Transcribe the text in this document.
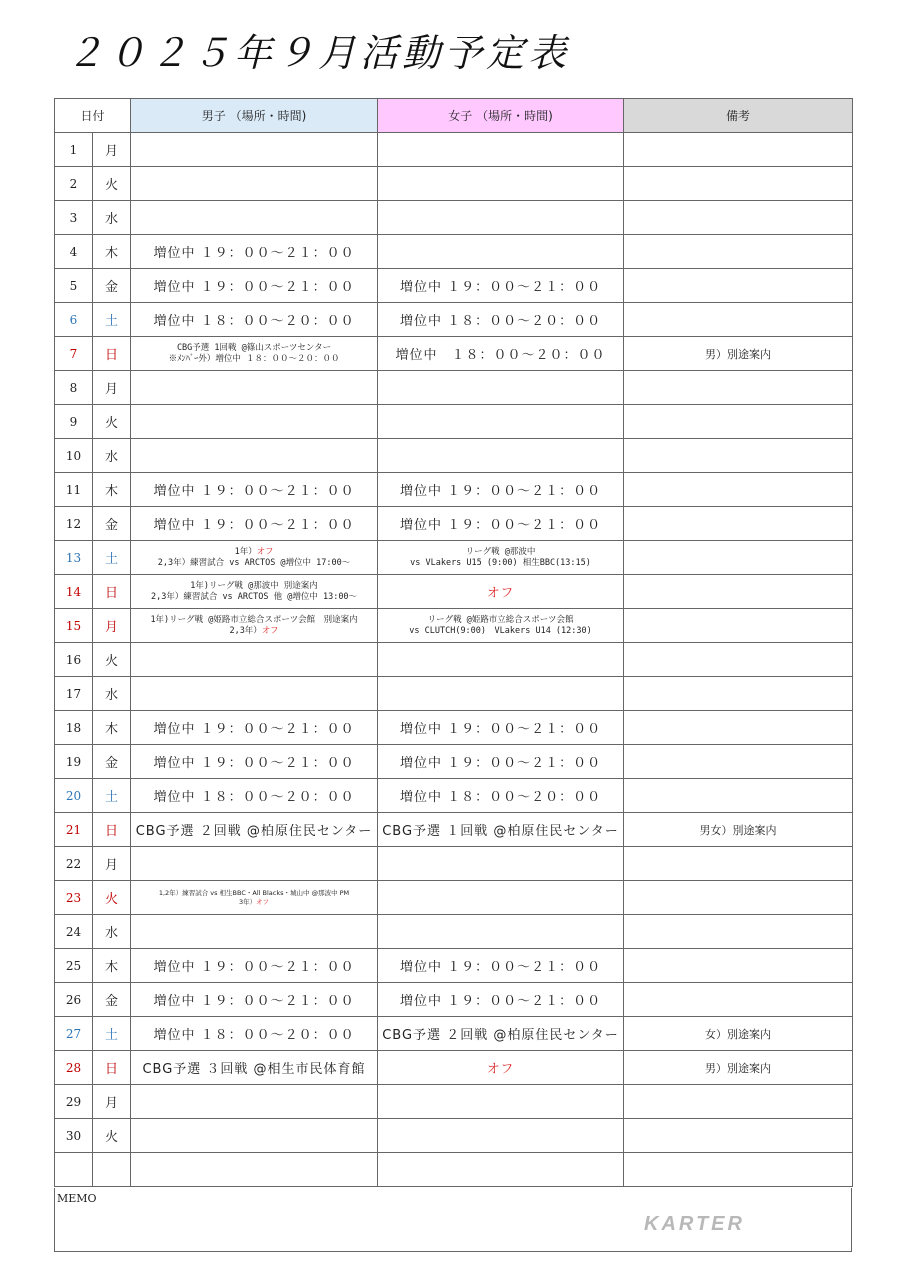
２０２５年９月活動予定表
日付		男子 （場所・時間)	女子 （場所・時間)	備考
1	月			
2	火			
3	水			
4	木	増位中 １９：００～２１：００		

5	金	増位中 １９：００～２１：００	増位中 １９：００～２１：００	

6	土	増位中 １８：００～２０：００	増位中 １８：００～２０：００	

7	日	CBG予選 1回戦 @篠山スポーツセンター
※ﾒﾝﾊﾞｰ外）増位中 １８：００～２０：００	増位中　１８：００～２０：００	男）別途案内
8	月			
9	火			
10	水			
11	木	増位中 １９：００～２１：００	増位中 １９：００～２１：００	

12	金	増位中 １９：００～２１：００	増位中 １９：００～２１：００	

13	土	1年）オフ
2,3年）練習試合 vs ARCTOS @増位中 17:00～	リーグ戦 @那波中
vs VLakers U15 (9:00) 相生BBC(13:15)	

14	日	1年)リーグ戦 @那波中 別途案内
2,3年）練習試合 vs ARCTOS 他 @増位中 13:00～	オフ	

15	月	1年)リーグ戦 @姫路市立総合スポーツ会館　別途案内
2,3年）オフ	リーグ戦 @姫路市立総合スポーツ会館
vs CLUTCH(9:00)　VLakers U14 (12:30)	

16	火			
17	水			
18	木	増位中 １９：００～２１：００	増位中 １９：００～２１：００	

19	金	増位中 １９：００～２１：００	増位中 １９：００～２１：００	

20	土	増位中 １８：００～２０：００	増位中 １８：００～２０：００	

21	日	CBG予選 ２回戦 @柏原住民センター	CBG予選 １回戦 @柏原住民センター	男女）別途案内
22	月			
23	火	1,2年）練習試合 vs 相生BBC・All Blacks・城山中 @那波中 PM
3年）オフ		

24	水			
25	木	増位中 １９：００～２１：００	増位中 １９：００～２１：００	

26	金	増位中 １９：００～２１：００	増位中 １９：００～２１：００	

27	土	増位中 １８：００～２０：００	CBG予選 ２回戦 @柏原住民センター	女）別途案内
28	日	CBG予選 ３回戦 @相生市民体育館	オフ	男）別途案内
29	月			
30	火			

MEMO
KARTER
